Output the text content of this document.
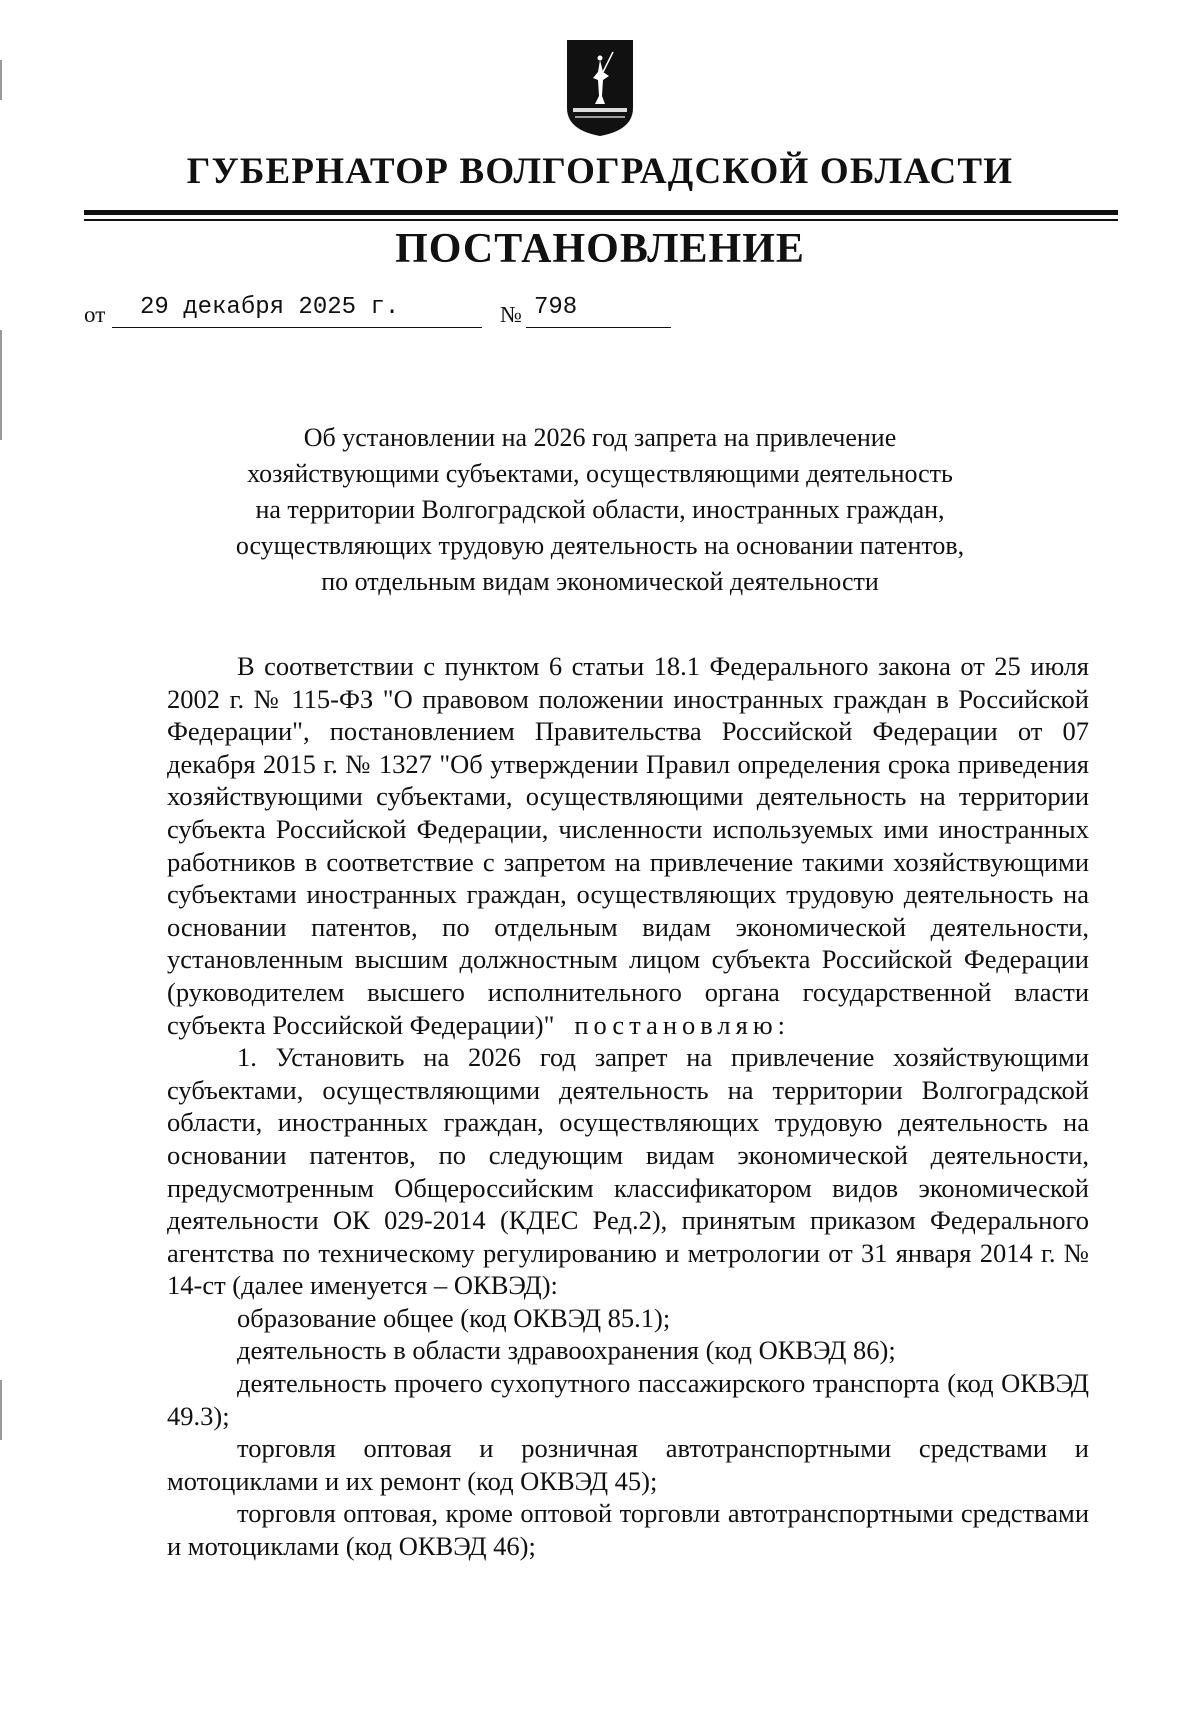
ГУБЕРНАТОР ВОЛГОГРАДСКОЙ ОБЛАСТИ
ПОСТАНОВЛЕНИЕ
от 29 декабря 2025 г.	№ 798
Об установлении на 2026 год запрета на привлечение
хозяйствующими субъектами, осуществляющими деятельность
на территории Волгоградской области, иностранных граждан,
осуществляющих трудовую деятельность на основании патентов,
по отдельным видам экономической деятельности

В соответствии с пунктом 6 статьи 18.1 Федерального закона от 25 июля 2002 г. № 115-ФЗ "О правовом положении иностранных граждан в Российской Федерации", постановлением Правительства Российской Федерации от 07 декабря 2015 г. № 1327 "Об утверждении Правил определения срока приведения хозяйствующими субъектами, осуществляющими деятельность на территории субъекта Российской Федерации, численности используемых ими иностранных работников в соответствие с запретом на привлечение такими хозяйствующими субъектами иностранных граждан, осуществляющих трудовую деятельность на основании патентов, по отдельным видам экономической деятельности, установленным высшим должностным лицом субъекта Российской Федерации (руководителем высшего исполнительного органа государственной власти субъекта Российской Федерации)" постановляю:

1. Установить на 2026 год запрет на привлечение хозяйствующими субъектами, осуществляющими деятельность на территории Волгоградской области, иностранных граждан, осуществляющих трудовую деятельность на основании патентов, по следующим видам экономической деятельности, предусмотренным Общероссийским классификатором видов экономической деятельности ОК 029-2014 (КДЕС Ред.2), принятым приказом Федерального агентства по техническому регулированию и метрологии от 31 января 2014 г. № 14-ст (далее именуется – ОКВЭД):

образование общее (код ОКВЭД 85.1);

деятельность в области здравоохранения (код ОКВЭД 86);

деятельность прочего сухопутного пассажирского транспорта (код ОКВЭД 49.3);

торговля оптовая и розничная автотранспортными средствами и мотоциклами и их ремонт (код ОКВЭД 45);

торговля оптовая, кроме оптовой торговли автотранспортными средствами и мотоциклами (код ОКВЭД 46);
